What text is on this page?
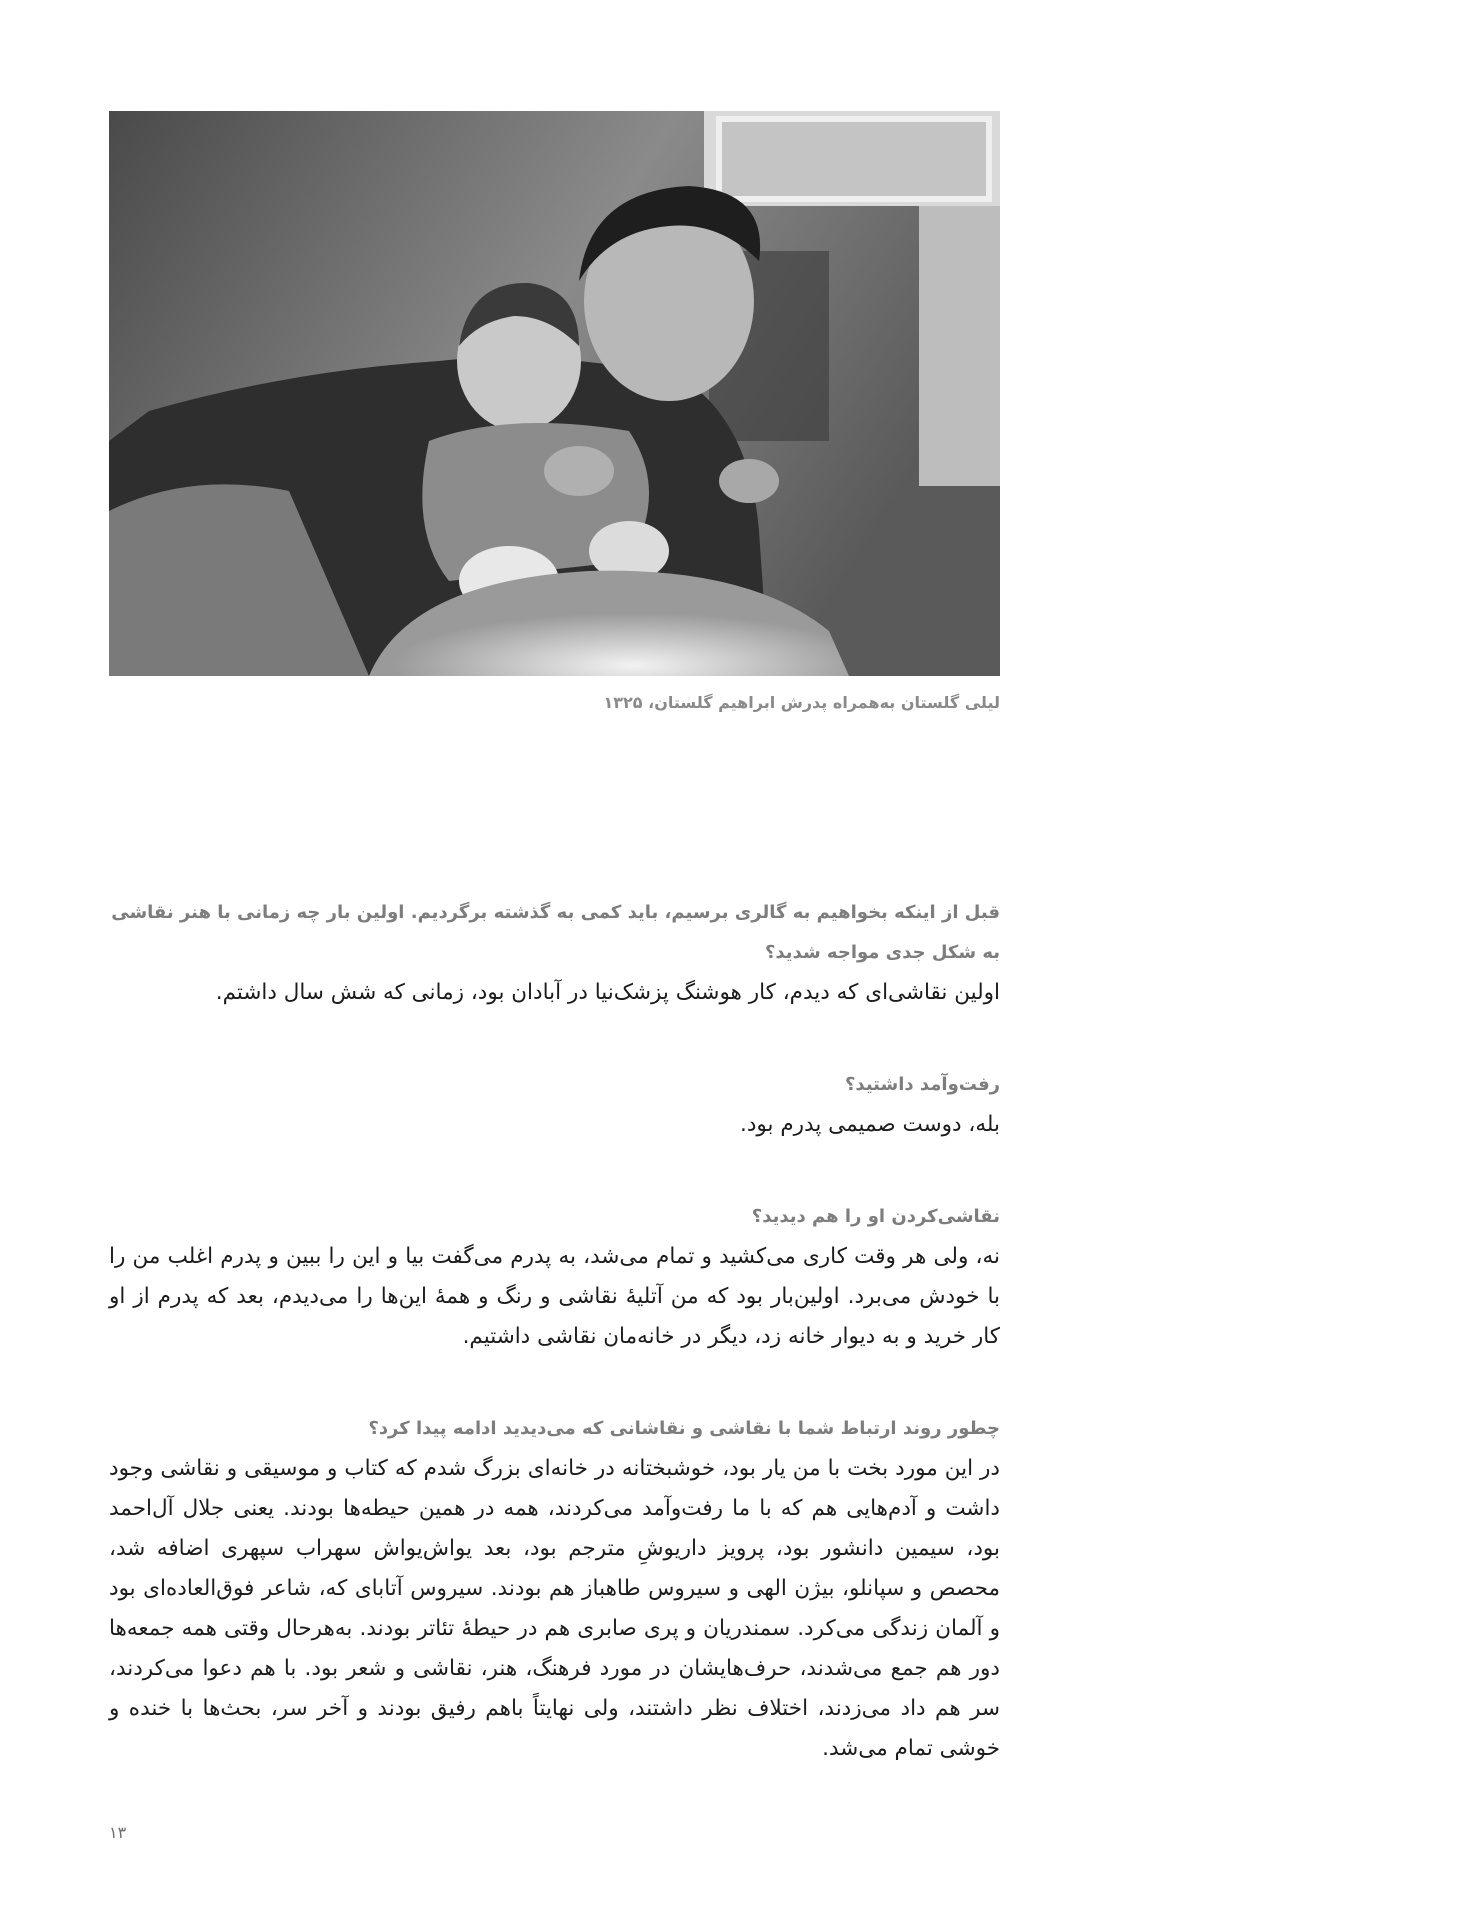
لیلی گلستان به‌همراه پدرش ابراهیم گلستان، ۱۳۲۵

قبل از اینکه بخواهیم به گالری برسیم، باید کمی به گذشته برگردیم. اولین بار چه زمانی با هنر نقاشی به شکل جدی مواجه شدید؟

اولین نقاشی‌ای که دیدم، کار هوشنگ پزشک‌نیا در آبادان بود، زمانی که شش سال داشتم.

رفت‌وآمد داشتید؟

بله، دوست صمیمی پدرم بود.

نقاشی‌کردن او را هم دیدید؟

نه، ولی هر وقت کاری می‌کشید و تمام می‌شد، به پدرم می‌گفت بیا و این را ببین و پدرم اغلب من را با خودش می‌برد. اولین‌بار بود که من آتلیهٔ نقاشی و رنگ و همهٔ این‌ها را می‌دیدم، بعد که پدرم از او کار خرید و به دیوار خانه زد، دیگر در خانه‌مان نقاشی داشتیم.

چطور روند ارتباط شما با نقاشی و نقاشانی که می‌دیدید ادامه پیدا کرد؟

در این مورد بخت با من یار بود، خوشبختانه در خانه‌ای بزرگ شدم که کتاب و موسیقی و نقاشی وجود داشت و آدم‌هایی هم که با ما رفت‌وآمد می‌کردند، همه در همین حیطه‌ها بودند. یعنی جلال آل‌احمد بود، سیمین دانشور بود، پرویز داریوشِ مترجم بود، بعد یواش‌یواش سهراب سپهری اضافه شد، محصص و سپانلو، بیژن الهی و سیروس طاهباز هم بودند. سیروس آتابای که، شاعر فوق‌العاده‌ای بود و آلمان زندگی می‌کرد. سمندریان و پری صابری هم در حیطهٔ تئاتر بودند. به‌هرحال وقتی همه جمعه‌ها دور هم جمع می‌شدند، حرف‌هایشان در مورد فرهنگ، هنر، نقاشی و شعر بود. با هم دعوا می‌کردند، سر هم داد می‌زدند، اختلاف نظر داشتند، ولی نهایتاً باهم رفیق بودند و آخر سر، بحث‌ها با خنده و خوشی تمام می‌شد.

۱۳
